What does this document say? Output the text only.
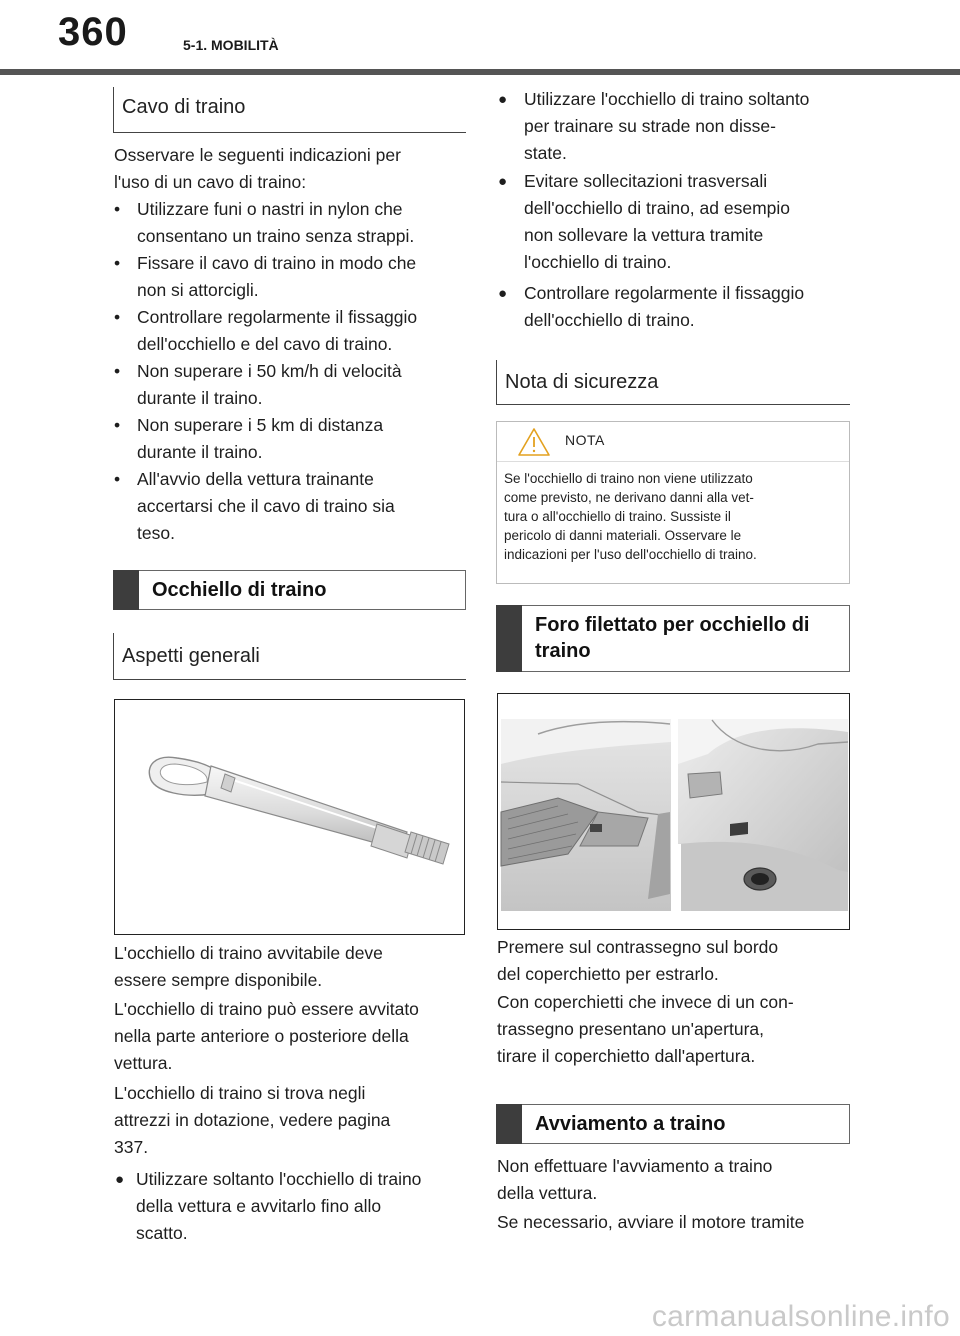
360	5-1. MOBILITÀ
Cavo di traino
Osservare le seguenti indicazioni per
l'uso di un cavo di traino:
• Utilizzare funi o nastri in nylon che
consentano un traino senza strappi.
• Fissare il cavo di traino in modo che
non si attorcigli.
• Controllare regolarmente il fissaggio
dell'occhiello e del cavo di traino.
• Non superare i 50 km/h di velocità
durante il traino.
• Non superare i 5 km di distanza
durante il traino.
• All'avvio della vettura trainante
accertarsi che il cavo di traino sia
teso.
Occhiello di traino
Aspetti generali
L'occhiello di traino avvitabile deve
essere sempre disponibile.
L'occhiello di traino può essere avvitato
nella parte anteriore o posteriore della
vettura.
L'occhiello di traino si trova negli
attrezzi in dotazione, vedere pagina
337.
● Utilizzare soltanto l'occhiello di traino
della vettura e avvitarlo fino allo
scatto.
● Utilizzare l'occhiello di traino soltanto
per trainare su strade non disse-
state.
● Evitare sollecitazioni trasversali
dell'occhiello di traino, ad esempio
non sollevare la vettura tramite
l'occhiello di traino.
● Controllare regolarmente il fissaggio
dell'occhiello di traino.
Nota di sicurezza
NOTA
Se l'occhiello di traino non viene utilizzato
come previsto, ne derivano danni alla vet-
tura o all'occhiello di traino. Sussiste il
pericolo di danni materiali. Osservare le
indicazioni per l'uso dell'occhiello di traino.
Foro filettato per occhiello di
traino
Premere sul contrassegno sul bordo
del coperchietto per estrarlo.
Con coperchietti che invece di un con-
trassegno presentano un'apertura,
tirare il coperchietto dall'apertura.
Avviamento a traino
Non effettuare l'avviamento a traino
della vettura.
Se necessario, avviare il motore tramite
carmanualsonline.info
